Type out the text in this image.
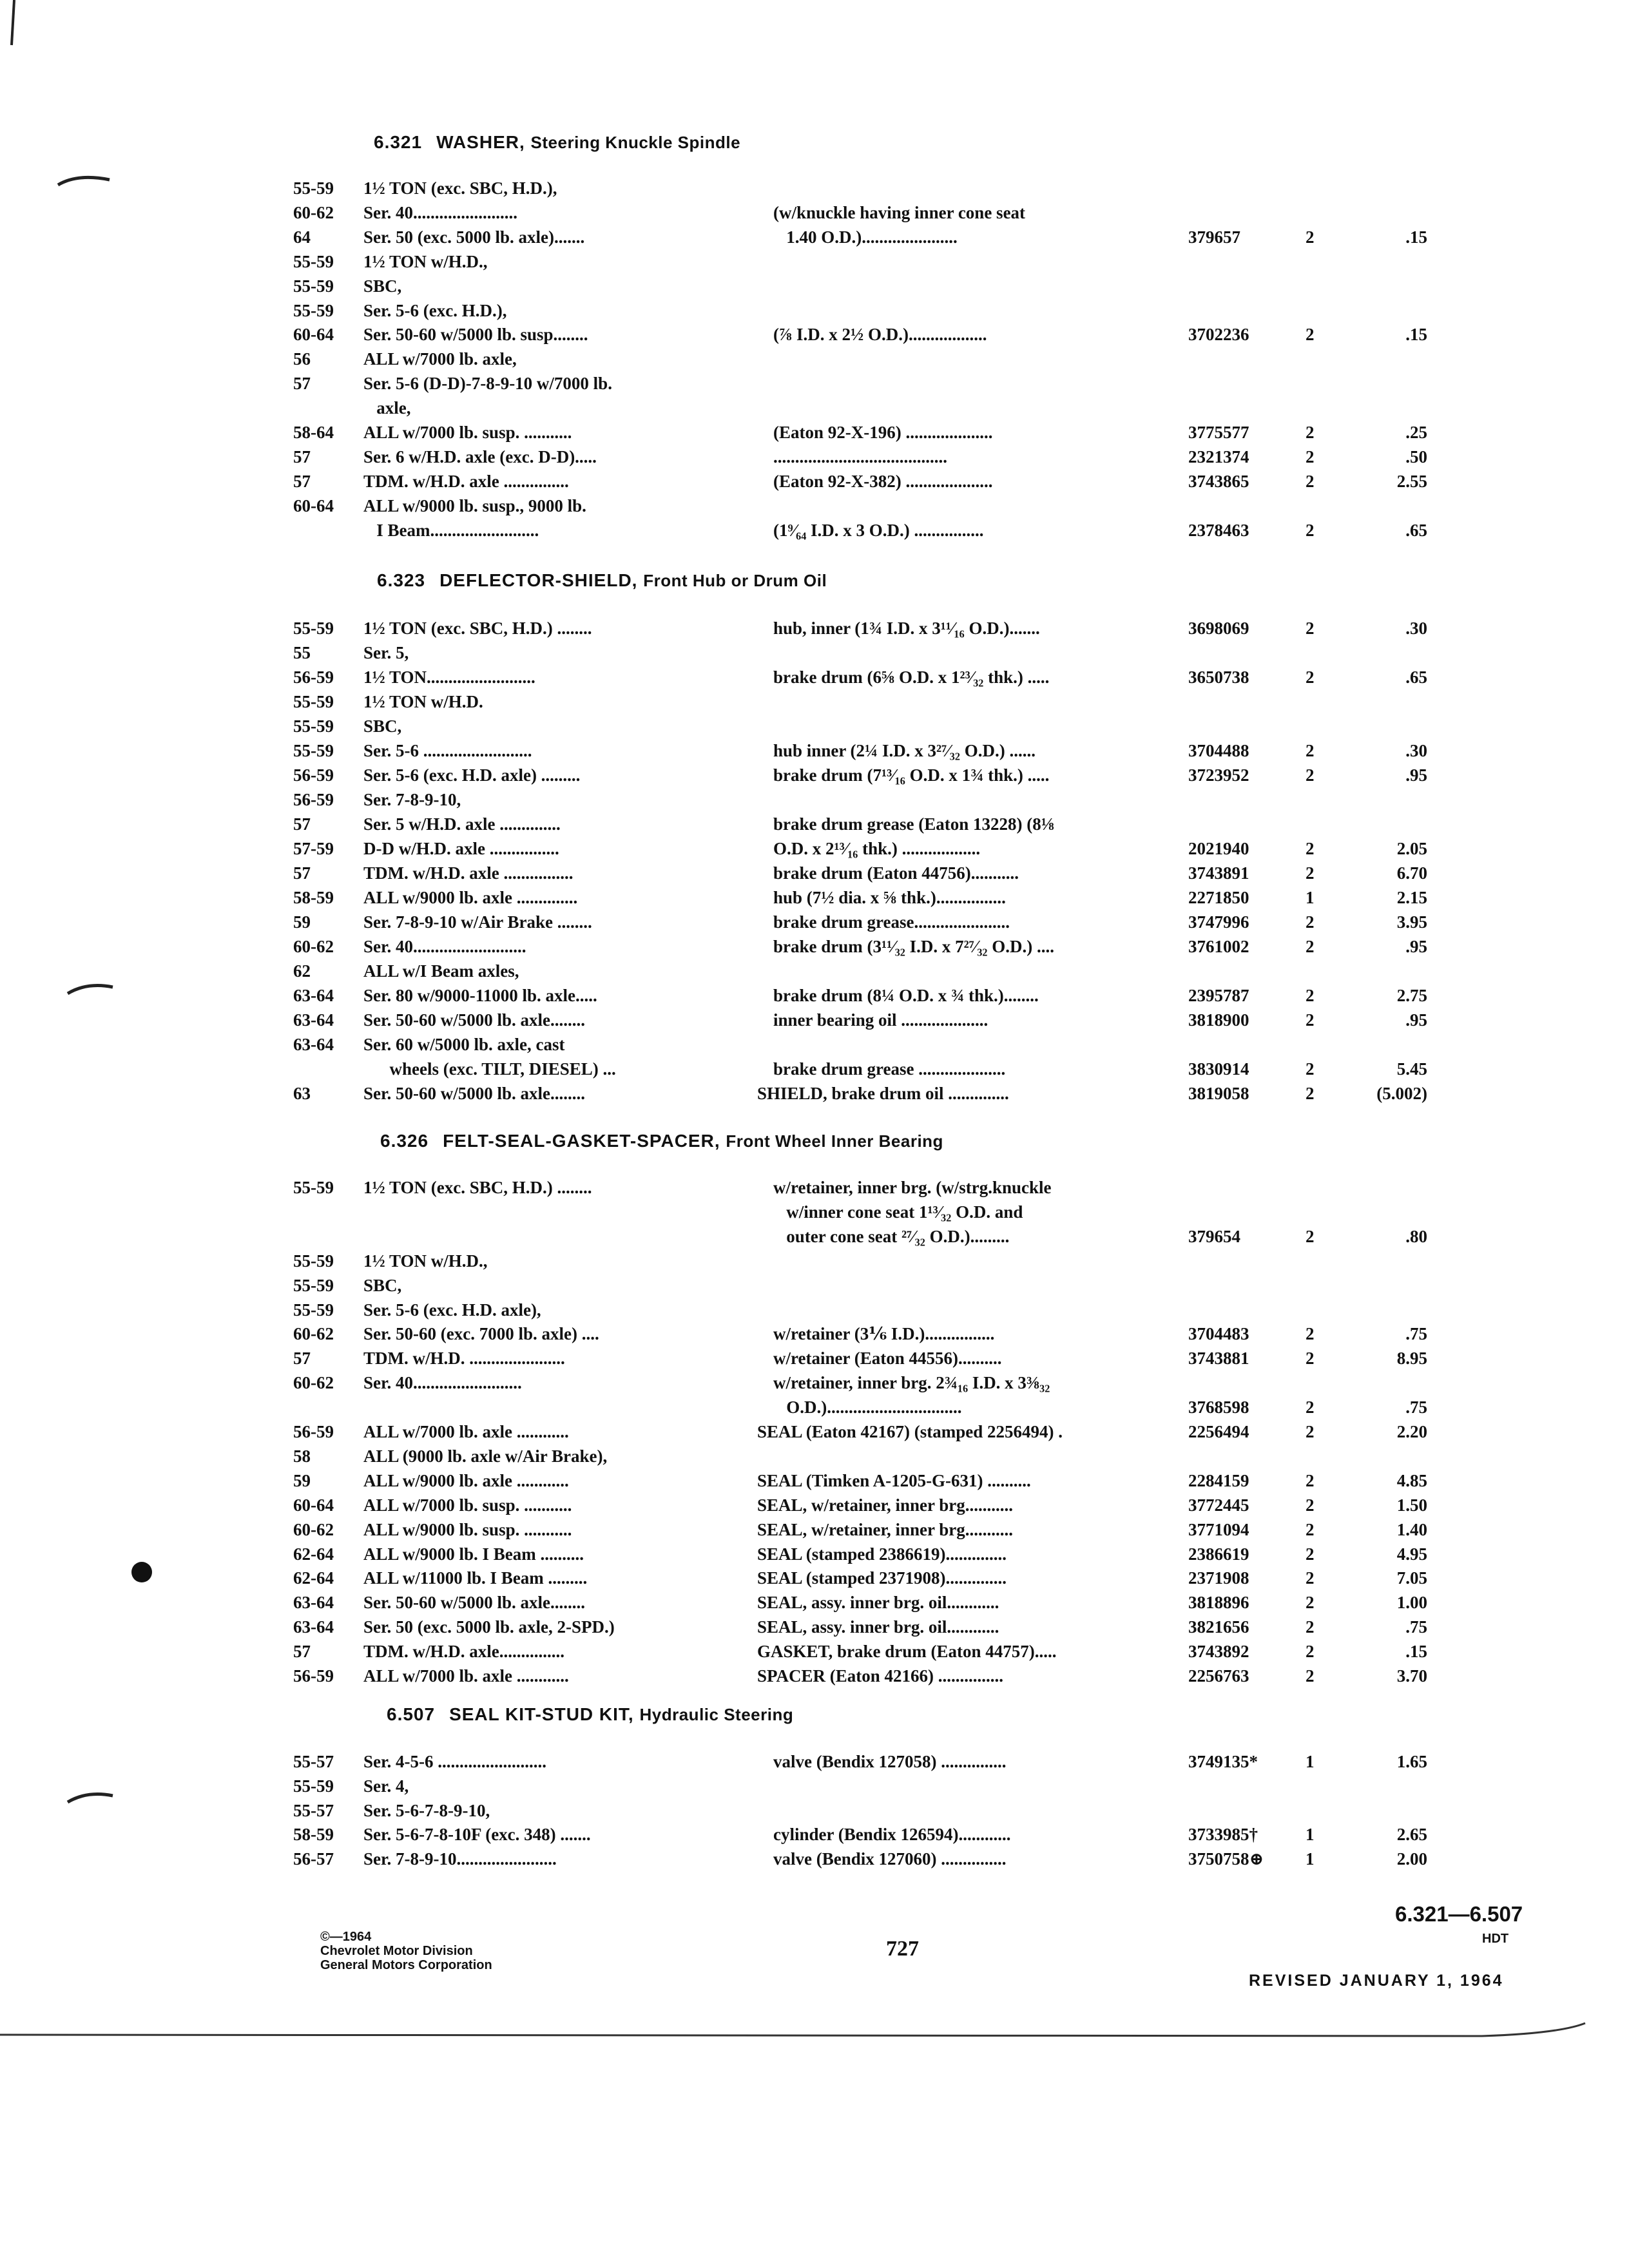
6.321 WASHER, Steering Knuckle Spindle
55-59 1½ TON (exc. SBC, H.D.),
60-62 Ser. 40........................	(w/knuckle having inner cone seat
64	Ser. 50 (exc. 5000 lb. axle).......	1.40 O.D.)......................	379657	2	.15
55-59 1½ TON w/H.D.,
55-59 SBC,
55-59 Ser. 5-6 (exc. H.D.),
60-64 Ser. 50-60 w/5000 lb. susp........	(⅞ I.D. x 2½ O.D.)..................	3702236	2	.15
56	ALL w/7000 lb. axle,
57	Ser. 5-6 (D-D)-7-8-9-10 w/7000 lb.
axle,
58-64 ALL w/7000 lb. susp. ...........	(Eaton 92-X-196) ....................	3775577	2	.25
57	Ser. 6 w/H.D. axle (exc. D-D).....	........................................	2321374	2	.50
57	TDM. w/H.D. axle ...............	(Eaton 92-X-382) ....................	3743865	2	2.55
60-64 ALL w/9000 lb. susp., 9000 lb.
I Beam.........................	(1⁹⁄₆₄ I.D. x 3 O.D.) ................	2378463	2	.65
6.323 DEFLECTOR-SHIELD, Front Hub or Drum Oil
55-59 1½ TON (exc. SBC, H.D.) ........	hub, inner (1¾ I.D. x 3¹¹⁄₁₆ O.D.).......	3698069	2	.30
55	Ser. 5,
56-59 1½ TON.........................	brake drum (6⅝ O.D. x 1²³⁄₃₂ thk.) .....	3650738	2	.65
55-59 1½ TON w/H.D.
55-59 SBC,
55-59 Ser. 5-6 .........................	hub inner (2¼ I.D. x 3²⁷⁄₃₂ O.D.) ......	3704488	2	.30
56-59 Ser. 5-6 (exc. H.D. axle) .........	brake drum (7¹³⁄₁₆ O.D. x 1¾ thk.) .....	3723952	2	.95
56-59 Ser. 7-8-9-10,
57	Ser. 5 w/H.D. axle ..............	brake drum grease (Eaton 13228) (8⅛
57-59 D-D w/H.D. axle ................	O.D. x 2¹³⁄₁₆ thk.) ..................	2021940	2	2.05
57	TDM. w/H.D. axle ................	brake drum (Eaton 44756)...........	3743891	2	6.70
58-59 ALL w/9000 lb. axle ..............	hub (7½ dia. x ⅝ thk.)................	2271850	1	2.15
59	Ser. 7-8-9-10 w/Air Brake ........	brake drum grease......................	3747996	2	3.95
60-62 Ser. 40..........................	brake drum (3¹¹⁄₃₂ I.D. x 7²⁷⁄₃₂ O.D.) ....	3761002	2	.95
62	ALL w/I Beam axles,
63-64 Ser. 80 w/9000-11000 lb. axle.....	brake drum (8¼ O.D. x ¾ thk.)........	2395787	2	2.75
63-64 Ser. 50-60 w/5000 lb. axle........	inner bearing oil ....................	3818900	2	.95
63-64 Ser. 60 w/5000 lb. axle, cast
wheels (exc. TILT, DIESEL) ...	brake drum grease ....................	3830914	2	5.45
63	Ser. 50-60 w/5000 lb. axle........	SHIELD, brake drum oil ..............	3819058	2	(5.002)
6.326 FELT-SEAL-GASKET-SPACER, Front Wheel Inner Bearing
55-59 1½ TON (exc. SBC, H.D.) ........	w/retainer, inner brg. (w/strg.knuckle
w/inner cone seat 1¹³⁄₃₂ O.D. and
outer cone seat ²⁷⁄₃₂ O.D.).........	379654	2	.80
55-59 1½ TON w/H.D.,
55-59 SBC,
55-59 Ser. 5-6 (exc. H.D. axle),
60-62 Ser. 50-60 (exc. 7000 lb. axle) ....	w/retainer (3⅙ I.D.)................	3704483	2	.75
57	TDM. w/H.D. ......................	w/retainer (Eaton 44556)..........	3743881	2	8.95
60-62 Ser. 40.........................	w/retainer, inner brg. 2¾₁₆ I.D. x 3⅜₃₂
O.D.)...............................	3768598	2	.75
56-59 ALL w/7000 lb. axle ............	SEAL (Eaton 42167) (stamped 2256494) .	2256494	2	2.20
58	ALL (9000 lb. axle w/Air Brake),
59	ALL w/9000 lb. axle ............	SEAL (Timken A-1205-G-631) ..........	2284159	2	4.85
60-64 ALL w/7000 lb. susp. ...........	SEAL, w/retainer, inner brg...........	3772445	2	1.50
60-62 ALL w/9000 lb. susp. ...........	SEAL, w/retainer, inner brg...........	3771094	2	1.40
62-64 ALL w/9000 lb. I Beam ..........	SEAL (stamped 2386619)..............	2386619	2	4.95
62-64 ALL w/11000 lb. I Beam .........	SEAL (stamped 2371908)..............	2371908	2	7.05
63-64 Ser. 50-60 w/5000 lb. axle........	SEAL, assy. inner brg. oil............	3818896	2	1.00
63-64 Ser. 50 (exc. 5000 lb. axle, 2-SPD.)	SEAL, assy. inner brg. oil............	3821656	2	.75
57	TDM. w/H.D. axle...............	GASKET, brake drum (Eaton 44757).....	3743892	2	.15
56-59 ALL w/7000 lb. axle ............	SPACER (Eaton 42166) ...............	2256763	2	3.70
6.507 SEAL KIT-STUD KIT, Hydraulic Steering
55-57 Ser. 4-5-6 .........................	valve (Bendix 127058) ...............	3749135*	1	1.65
55-59 Ser. 4,
55-57 Ser. 5-6-7-8-9-10,
58-59 Ser. 5-6-7-8-10F (exc. 348) .......	cylinder (Bendix 126594)............	3733985†	1	2.65
56-57 Ser. 7-8-9-10.......................	valve (Bendix 127060) ...............	3750758⊕ 1	2.00
©—1964
Chevrolet Motor Division
General Motors Corporation
727
6.321—6.507
HDT
REVISED JANUARY 1, 1964
